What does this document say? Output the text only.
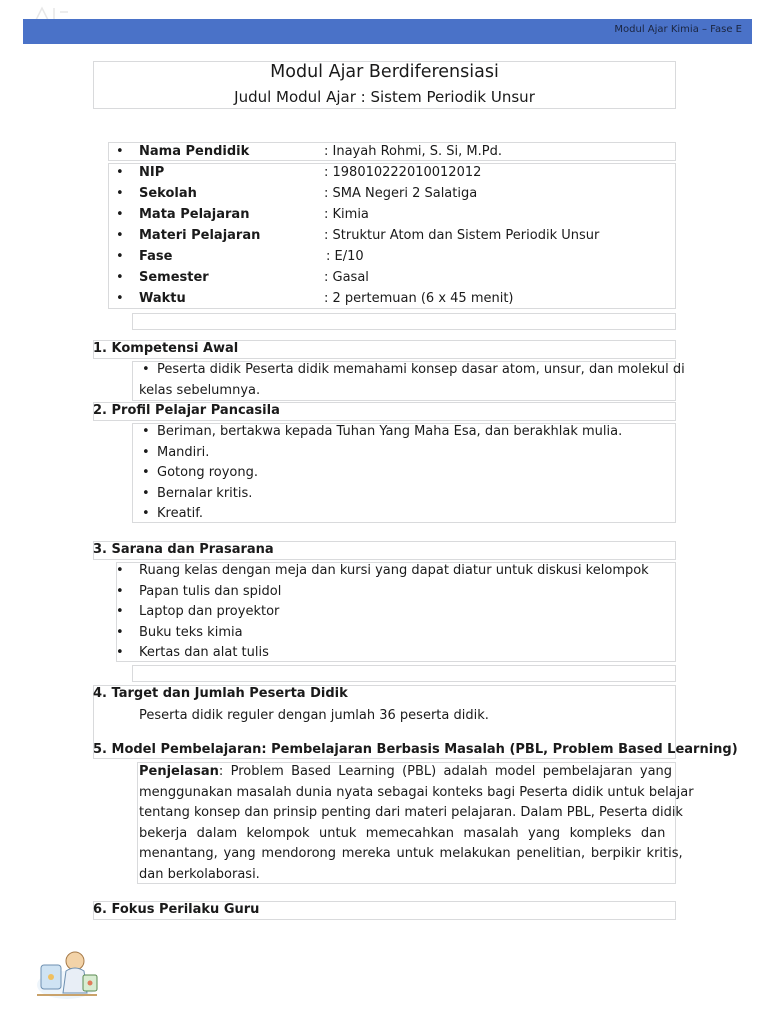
Modul Ajar Kimia – Fase E
Modul Ajar Berdiferensiasi
Judul Modul Ajar : Sistem Periodik Unsur
• Nama Pendidik	: Inayah Rohmi, S. Si, M.Pd.
• NIP	: 198010222010012012
• Sekolah	: SMA Negeri 2 Salatiga
• Mata Pelajaran	: Kimia
• Materi Pelajaran	: Struktur Atom dan Sistem Periodik Unsur
• Fase	: E/10
• Semester	: Gasal
• Waktu	: 2 pertemuan (6 x 45 menit)
1. Kompetensi Awal
• Peserta didik Peserta didik memahami konsep dasar atom, unsur, dan molekul di
kelas sebelumnya.
2. Profil Pelajar Pancasila
• Beriman, bertakwa kepada Tuhan Yang Maha Esa, dan berakhlak mulia.
• Mandiri.
• Gotong royong.
• Bernalar kritis.
• Kreatif.
3. Sarana dan Prasarana
• Ruang kelas dengan meja dan kursi yang dapat diatur untuk diskusi kelompok
• Papan tulis dan spidol
• Laptop dan proyektor
• Buku teks kimia
• Kertas dan alat tulis
4. Target dan Jumlah Peserta Didik
Peserta didik reguler dengan jumlah 36 peserta didik.
5. Model Pembelajaran: Pembelajaran Berbasis Masalah (PBL, Problem Based Learning)
Penjelasan: Problem Based Learning (PBL) adalah model pembelajaran yang
menggunakan masalah dunia nyata sebagai konteks bagi Peserta didik untuk belajar
tentang konsep dan prinsip penting dari materi pelajaran. Dalam PBL, Peserta didik
bekerja dalam kelompok untuk memecahkan masalah yang kompleks dan
menantang, yang mendorong mereka untuk melakukan penelitian, berpikir kritis,
dan berkolaborasi.
6. Fokus Perilaku Guru
